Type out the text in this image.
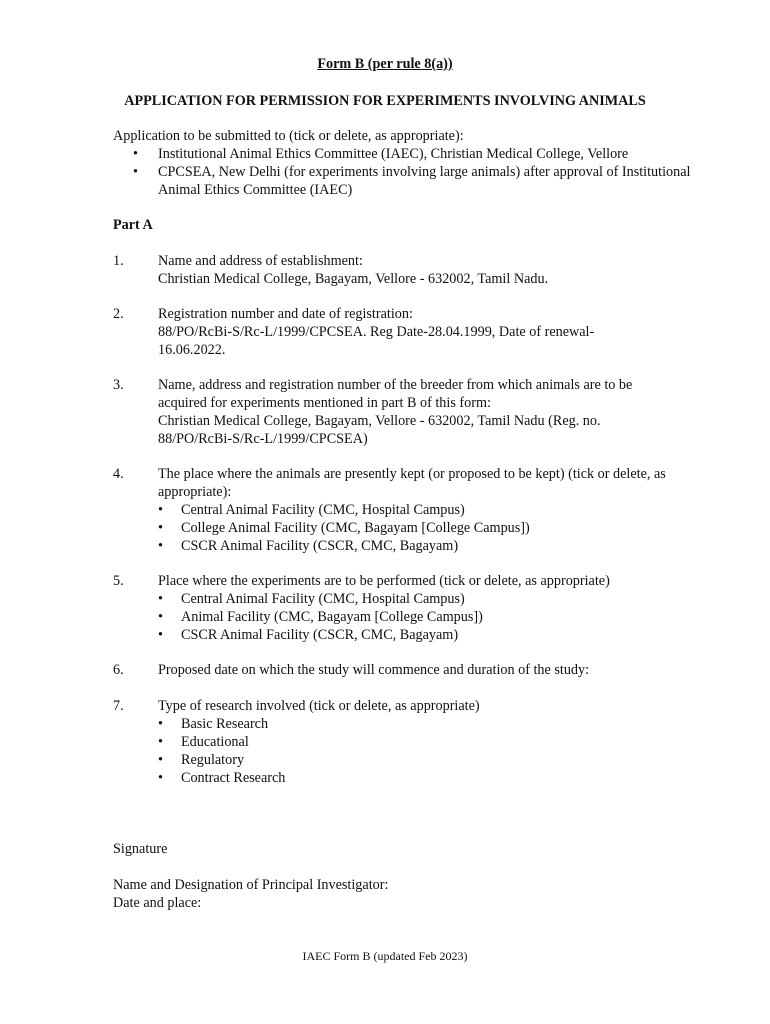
Form B (per rule 8(a))
APPLICATION FOR PERMISSION FOR EXPERIMENTS INVOLVING ANIMALS
Application to be submitted to (tick or delete, as appropriate):
• Institutional Animal Ethics Committee (IAEC), Christian Medical College, Vellore
• CPCSEA, New Delhi (for experiments involving large animals) after approval of Institutional Animal Ethics Committee (IAEC)
Part A
1. Name and address of establishment:
Christian Medical College, Bagayam, Vellore - 632002, Tamil Nadu.
2. Registration number and date of registration:
88/PO/RcBi-S/Rc-L/1999/CPCSEA. Reg Date-28.04.1999, Date of renewal-16.06.2022.
3. Name, address and registration number of the breeder from which animals are to be acquired for experiments mentioned in part B of this form:
Christian Medical College, Bagayam, Vellore - 632002, Tamil Nadu (Reg. no. 88/PO/RcBi-S/Rc-L/1999/CPCSEA)
4. The place where the animals are presently kept (or proposed to be kept) (tick or delete, as appropriate):
• Central Animal Facility (CMC, Hospital Campus)
• College Animal Facility (CMC, Bagayam [College Campus])
• CSCR Animal Facility (CSCR, CMC, Bagayam)
5. Place where the experiments are to be performed (tick or delete, as appropriate)
• Central Animal Facility (CMC, Hospital Campus)
• Animal Facility (CMC, Bagayam [College Campus])
• CSCR Animal Facility (CSCR, CMC, Bagayam)
6. Proposed date on which the study will commence and duration of the study:
7. Type of research involved (tick or delete, as appropriate)
• Basic Research
• Educational
• Regulatory
• Contract Research
Signature
Name and Designation of Principal Investigator:
Date and place:
IAEC Form B (updated Feb 2023)
